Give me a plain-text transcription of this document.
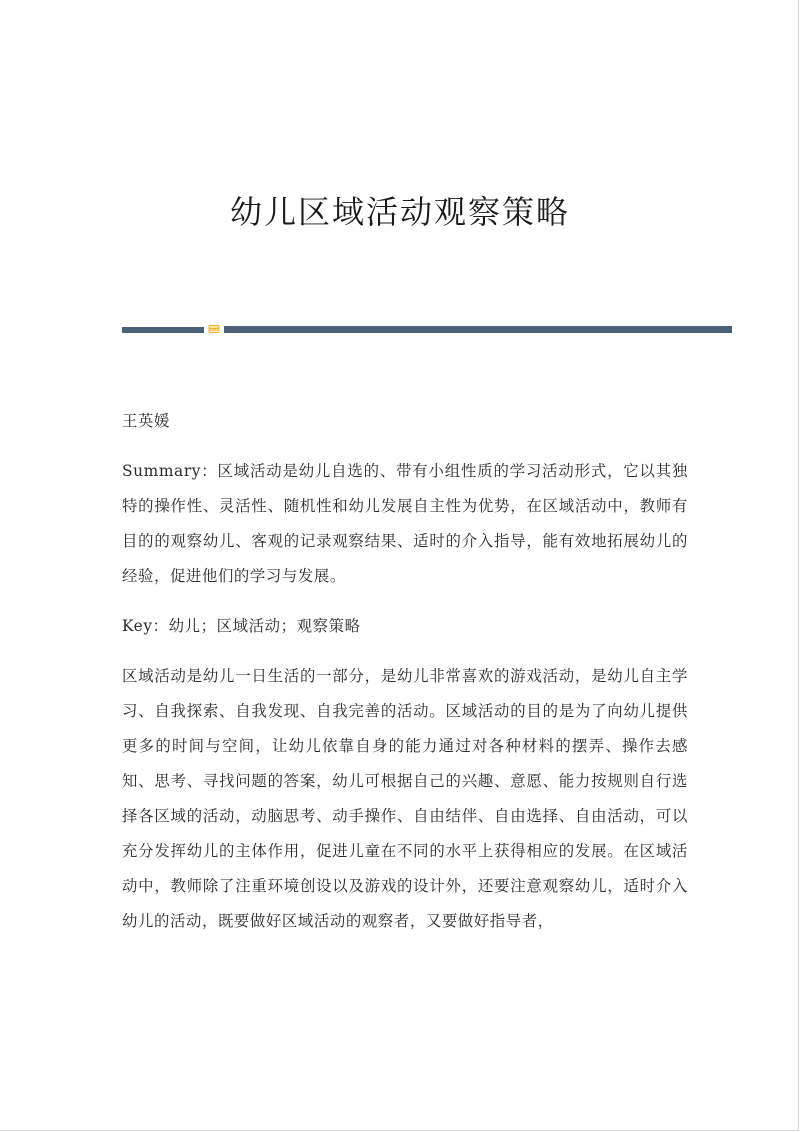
幼儿区域活动观察策略

王英媛

Summary：区域活动是幼儿自选的、带有小组性质的学习活动形式，它以其独特的操作性、灵活性、随机性和幼儿发展自主性为优势，在区域活动中，教师有目的的观察幼儿、客观的记录观察结果、适时的介入指导，能有效地拓展幼儿的经验，促进他们的学习与发展。

Key：幼儿；区域活动；观察策略

区域活动是幼儿一日生活的一部分，是幼儿非常喜欢的游戏活动，是幼儿自主学习、自我探索、自我发现、自我完善的活动。区域活动的目的是为了向幼儿提供更多的时间与空间，让幼儿依靠自身的能力通过对各种材料的摆弄、操作去感知、思考、寻找问题的答案，幼儿可根据自己的兴趣、意愿、能力按规则自行选择各区域的活动，动脑思考、动手操作、自由结伴、自由选择、自由活动，可以充分发挥幼儿的主体作用，促进儿童在不同的水平上获得相应的发展。在区域活动中，教师除了注重环境创设以及游戏的设计外，还要注意观察幼儿，适时介入幼儿的活动，既要做好区域活动的观察者，又要做好指导者，
